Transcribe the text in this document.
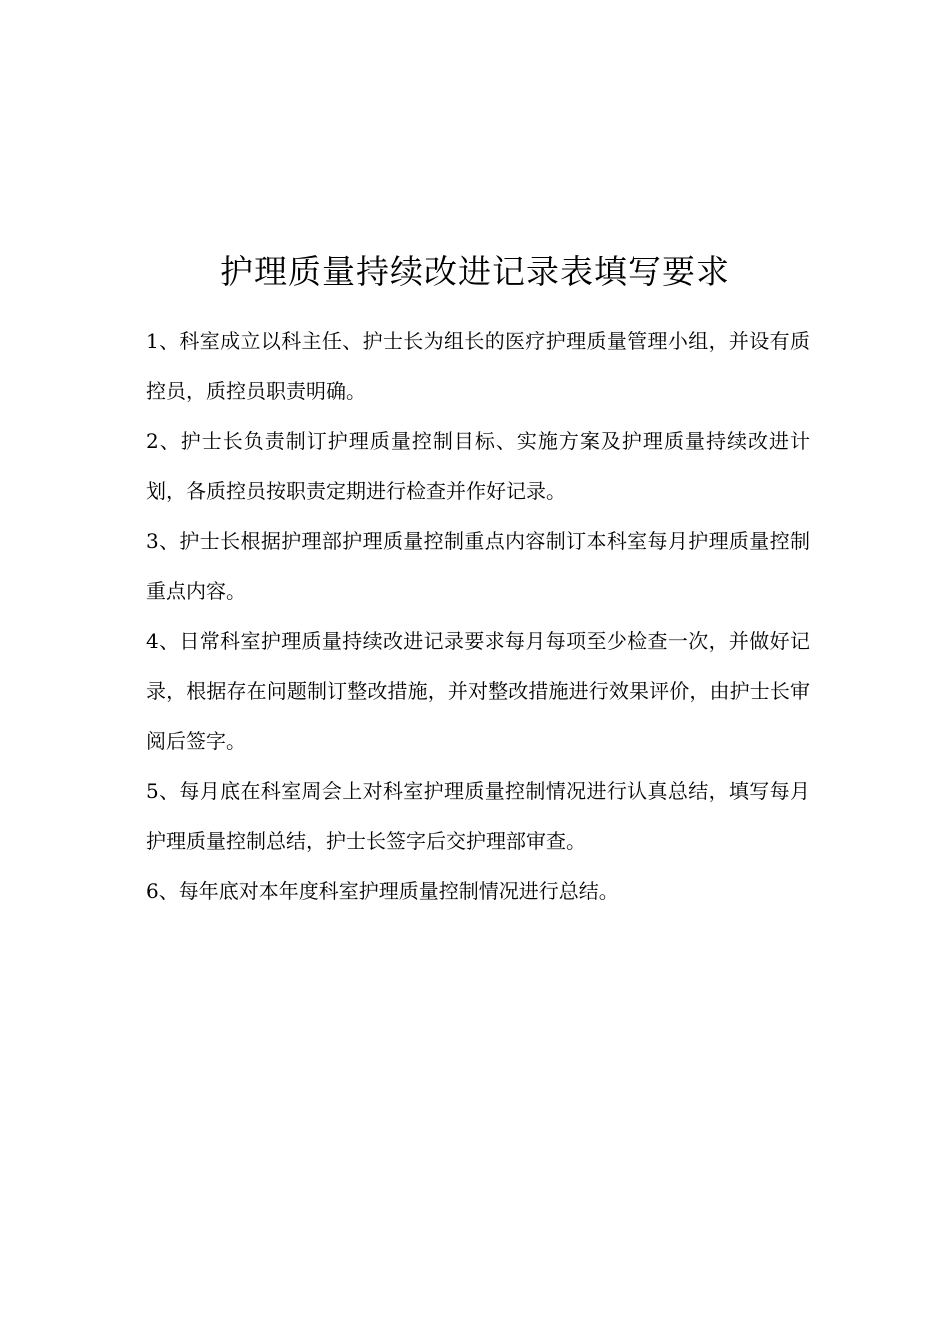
护理质量持续改进记录表填写要求

1、科室成立以科主任、护士长为组长的医疗护理质量管理小组，并设有质控员，质控员职责明确。

2、护士长负责制订护理质量控制目标、实施方案及护理质量持续改进计划，各质控员按职责定期进行检查并作好记录。

3、护士长根据护理部护理质量控制重点内容制订本科室每月护理质量控制重点内容。

4、日常科室护理质量持续改进记录要求每月每项至少检查一次，并做好记录，根据存在问题制订整改措施，并对整改措施进行效果评价，由护士长审阅后签字。

5、每月底在科室周会上对科室护理质量控制情况进行认真总结，填写每月护理质量控制总结，护士长签字后交护理部审查。

6、每年底对本年度科室护理质量控制情况进行总结。
